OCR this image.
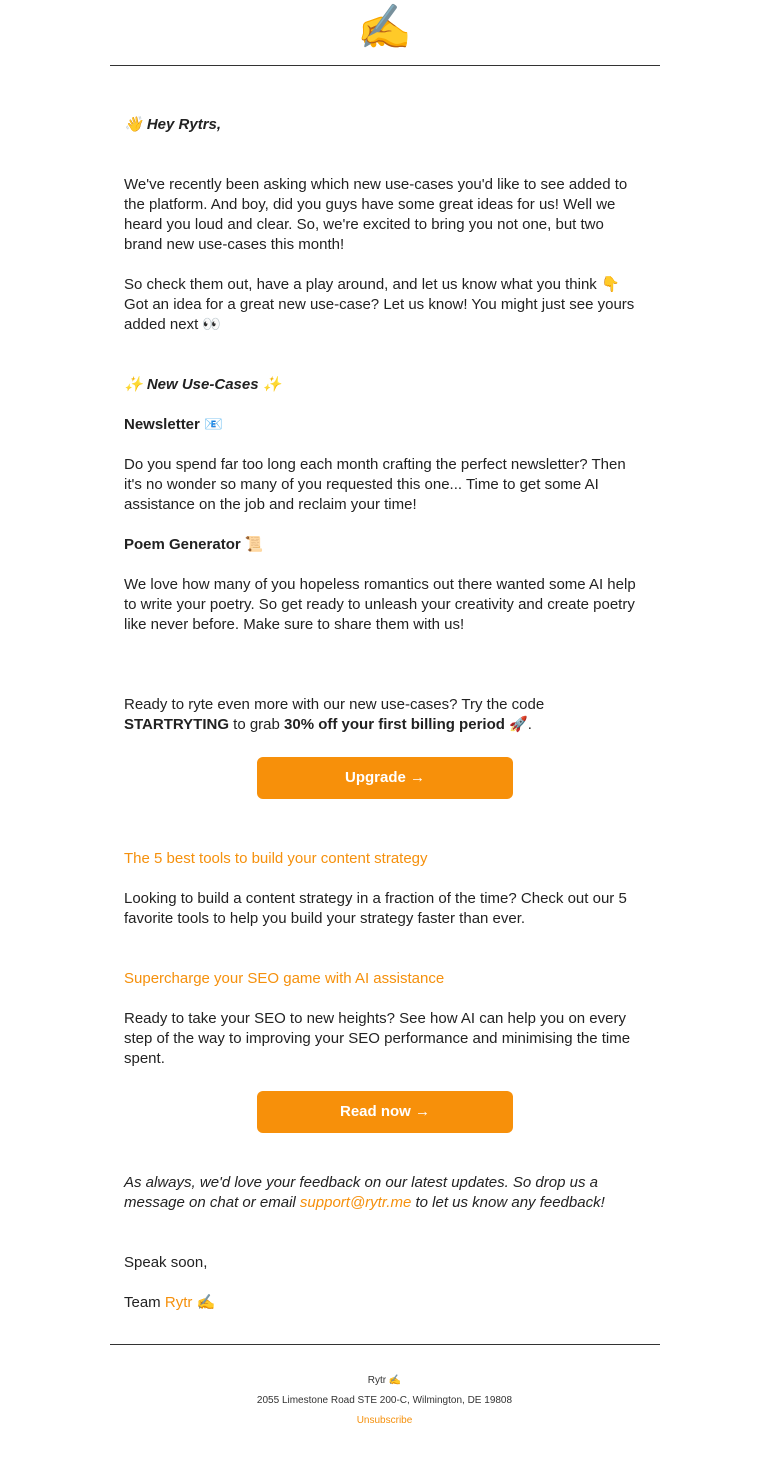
✍️

👋 Hey Rytrs,

We've recently been asking which new use-cases you'd like to see added to the platform. And boy, did you guys have some great ideas for us! Well we heard you loud and clear. So, we're excited to bring you not one, but two brand new use-cases this month!

So check them out, have a play around, and let us know what you think 👇 Got an idea for a great new use-case? Let us know! You might just see yours added next 👀

✨ New Use-Cases ✨

Newsletter 📧

Do you spend far too long each month crafting the perfect newsletter? Then it's no wonder so many of you requested this one... Time to get some AI assistance on the job and reclaim your time!

Poem Generator 📜

We love how many of you hopeless romantics out there wanted some AI help to write your poetry. So get ready to unleash your creativity and create poetry like never before. Make sure to share them with us!

Ready to ryte even more with our new use-cases? Try the code STARTRYTING to grab 30% off your first billing period 🚀.

Upgrade →

The 5 best tools to build your content strategy

Looking to build a content strategy in a fraction of the time? Check out our 5 favorite tools to help you build your strategy faster than ever.

Supercharge your SEO game with AI assistance

Ready to take your SEO to new heights? See how AI can help you on every step of the way to improving your SEO performance and minimising the time spent.

Read now →

As always, we'd love your feedback on our latest updates. So drop us a message on chat or email support@rytr.me to let us know any feedback!

Speak soon,

Team Rytr ✍️

Rytr ✍️
2055 Limestone Road STE 200-C, Wilmington, DE 19808
Unsubscribe
